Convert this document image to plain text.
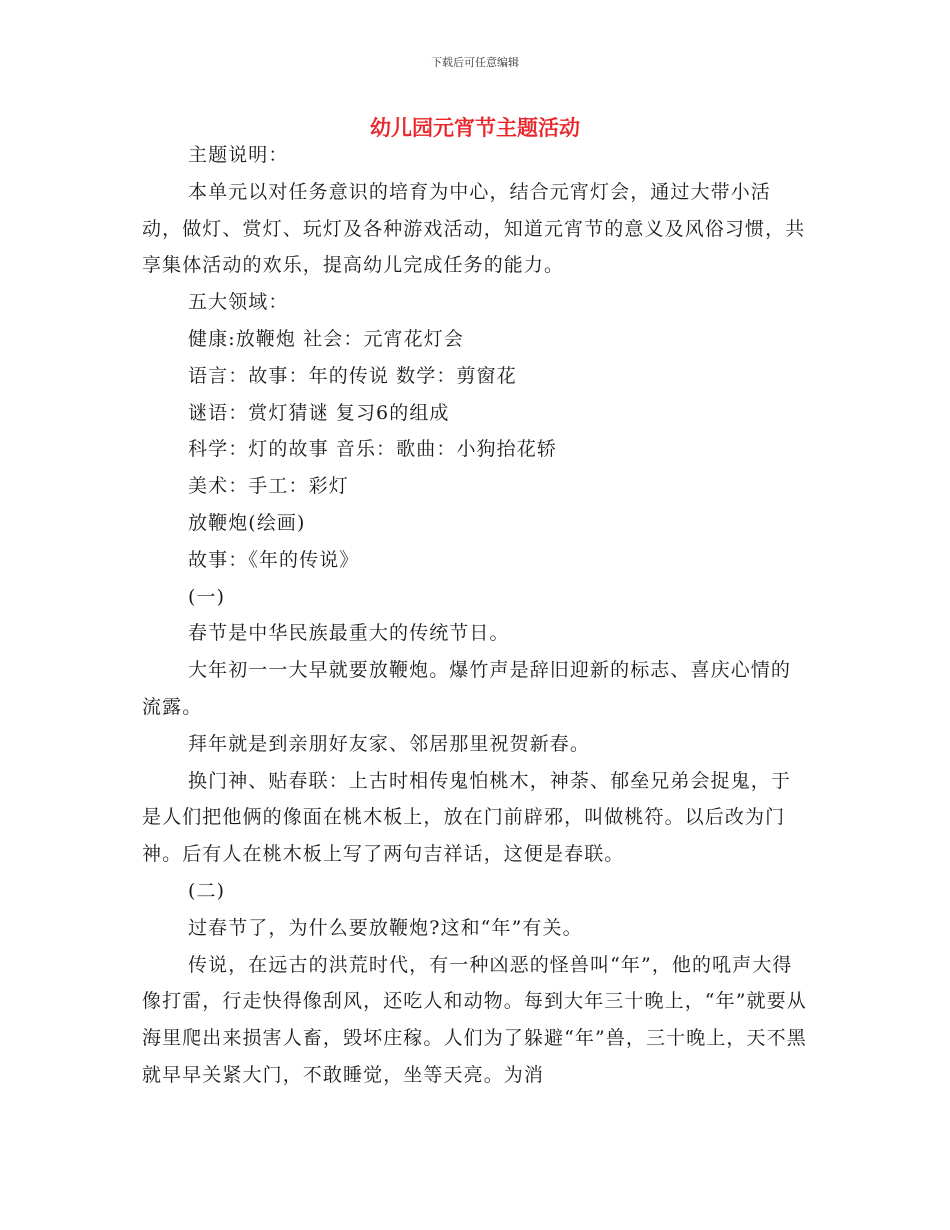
下载后可任意编辑
幼儿园元宵节主题活动

主题说明：

本单元以对任务意识的培育为中心，结合元宵灯会，通过大带小活动，做灯、赏灯、玩灯及各种游戏活动，知道元宵节的意义及风俗习惯，共享集体活动的欢乐，提高幼儿完成任务的能力。

五大领域：

健康:放鞭炮 社会：元宵花灯会

语言：故事：年的传说 数学：剪窗花

谜语：赏灯猜谜 复习6的组成

科学：灯的故事 音乐：歌曲：小狗抬花轿

美术：手工：彩灯

放鞭炮(绘画)

故事：《年的传说》

(一)

春节是中华民族最重大的传统节日。

大年初一一大早就要放鞭炮。爆竹声是辞旧迎新的标志、喜庆心情的流露。

拜年就是到亲朋好友家、邻居那里祝贺新春。

换门神、贴春联：上古时相传鬼怕桃木，神荼、郁垒兄弟会捉鬼，于是人们把他俩的像面在桃木板上，放在门前辟邪，叫做桃符。以后改为门神。后有人在桃木板上写了两句吉祥话，这便是春联。

(二)

过春节了，为什么要放鞭炮?这和“年”有关。

传说，在远古的洪荒时代，有一种凶恶的怪兽叫“年”，他的吼声大得像打雷，行走快得像刮风，还吃人和动物。每到大年三十晚上，“年”就要从海里爬出来损害人畜，毁坏庄稼。人们为了躲避“年”兽，三十晚上，天不黑就早早关紧大门，不敢睡觉，坐等天亮。为消
